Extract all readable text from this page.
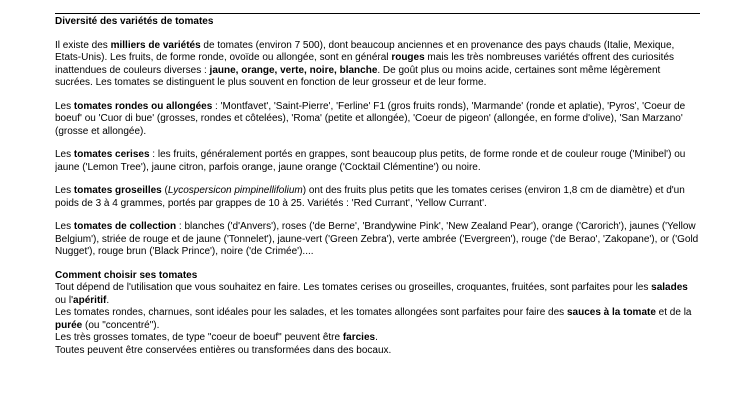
Diversité des variétés de tomates

Il existe des milliers de variétés de tomates (environ 7 500), dont beaucoup anciennes et en provenance des pays chauds (Italie, Mexique, Etats-Unis). Les fruits, de forme ronde, ovoïde ou allongée, sont en général rouges mais les très nombreuses variétés offrent des curiosités inattendues de couleurs diverses : jaune, orange, verte, noire, blanche. De goût plus ou moins acide, certaines sont même légèrement sucrées. Les tomates se distinguent le plus souvent en fonction de leur grosseur et de leur forme.

Les tomates rondes ou allongées : 'Montfavet', 'Saint-Pierre', 'Ferline' F1 (gros fruits ronds), 'Marmande' (ronde et aplatie), 'Pyros', 'Coeur de boeuf' ou 'Cuor di bue' (grosses, rondes et côtelées), 'Roma' (petite et allongée), 'Coeur de pigeon' (allongée, en forme d'olive), 'San Marzano' (grosse et allongée).

Les tomates cerises : les fruits, généralement portés en grappes, sont beaucoup plus petits, de forme ronde et de couleur rouge ('Minibel') ou jaune ('Lemon Tree'), jaune citron, parfois orange, jaune orange ('Cocktail Clémentine') ou noire.

Les tomates groseilles (Lycospersicon pimpinellifolium) ont des fruits plus petits que les tomates cerises (environ 1,8 cm de diamètre) et d'un poids de 3 à 4 grammes, portés par grappes de 10 à 25. Variétés : 'Red Currant', 'Yellow Currant'.

Les tomates de collection : blanches ('d'Anvers'), roses ('de Berne', 'Brandywine Pink', 'New Zealand Pear'), orange ('Carorich'), jaunes ('Yellow Belgium'), striée de rouge et de jaune ('Tonnelet'), jaune-vert ('Green Zebra'), verte ambrée ('Evergreen'), rouge ('de Berao', 'Zakopane'), or ('Gold Nugget'), rouge brun ('Black Prince'), noire ('de Crimée')....

Comment choisir ses tomates
Tout dépend de l'utilisation que vous souhaitez en faire. Les tomates cerises ou groseilles, croquantes, fruitées, sont parfaites pour les salades ou l'apéritif.
Les tomates rondes, charnues, sont idéales pour les salades, et les tomates allongées sont parfaites pour faire des sauces à la tomate et de la purée (ou "concentré").
Les très grosses tomates, de type "coeur de boeuf" peuvent être farcies.
Toutes peuvent être conservées entières ou transformées dans des bocaux.
